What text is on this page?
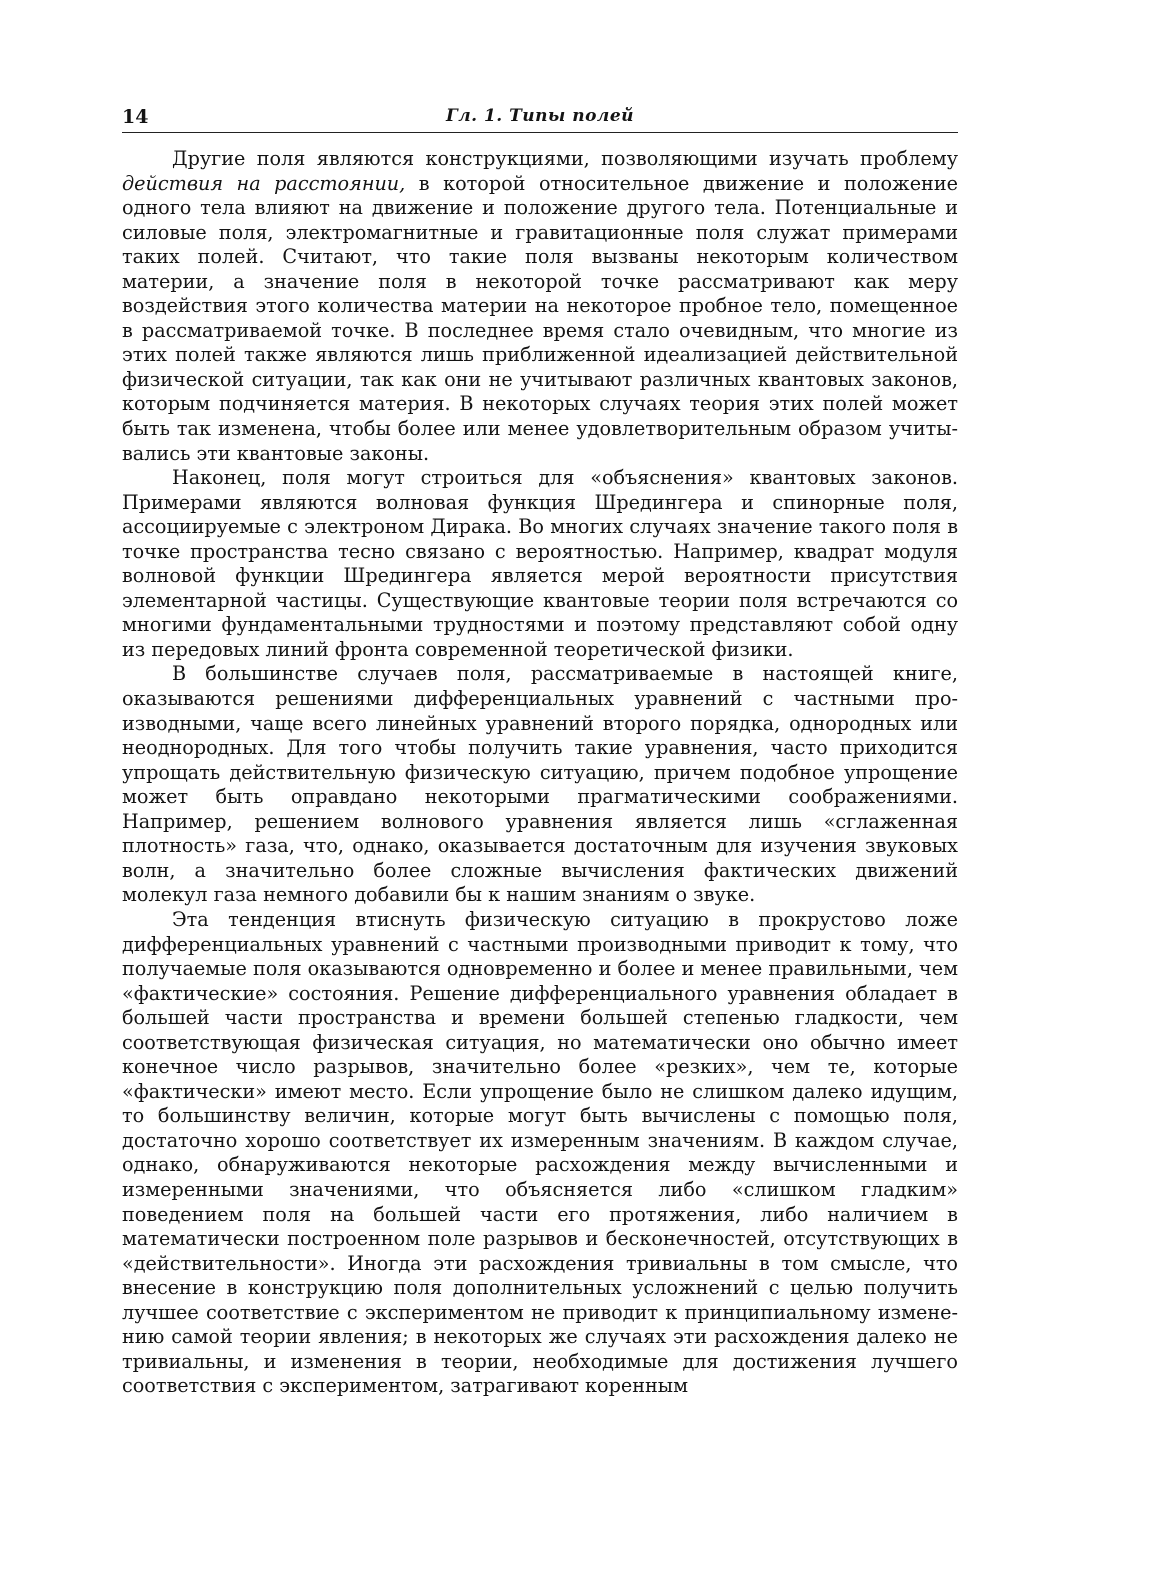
14	Гл. 1. Типы полей

Другие поля являются конструкциями, позволяющими изучать проблему действия на расстоянии, в которой относительное движение и положение одного тела влияют на движение и положение другого тела. Потенциальные и силовые поля, электромагнитные и гравитационные поля служат примерами таких полей. Считают, что такие поля вызваны некоторым количеством материи, а значение поля в некоторой точке рассматривают как меру воздействия этого количества материи на некоторое пробное тело, помещенное в рассматриваемой точке. В последнее время стало очевидным, что многие из этих полей также являются лишь приближенной идеализацией действительной физической ситуации, так как они не учитывают различных квантовых законов, которым подчиняется материя. В некоторых случаях теория этих полей может быть так изменена, чтобы более или менее удовлетворительным образом учитывались эти квантовые законы.

Наконец, поля могут строиться для «объяснения» квантовых законов. Примерами являются волновая функция Шредингера и спинорные поля, ассоциируемые с электроном Дирака. Во многих случаях значение такого поля в точке пространства тесно связано с вероятностью. Например, квадрат модуля волновой функции Шредингера является мерой вероятности присутствия элементарной частицы. Существующие квантовые теории поля встречаются со многими фундаментальными трудностями и поэтому представляют собой одну из передовых линий фронта современной теоретической физики.

В большинстве случаев поля, рассматриваемые в настоящей книге, оказываются решениями дифференциальных уравнений с частными производными, чаще всего линейных уравнений второго порядка, однородных или неоднородных. Для того чтобы получить такие уравнения, часто приходится упрощать действительную физическую ситуацию, причем подобное упрощение может быть оправдано некоторыми прагматическими соображениями. Например, решением волнового уравнения является лишь «сглаженная плотность» газа, что, однако, оказывается достаточным для изучения звуковых волн, а значительно более сложные вычисления фактических движений молекул газа немного добавили бы к нашим знаниям о звуке.

Эта тенденция втиснуть физическую ситуацию в прокрустово ложе дифференциальных уравнений с частными производными приводит к тому, что получаемые поля оказываются одновременно и более и менее правильными, чем «фактические» состояния. Решение дифференциального уравнения обладает в большей части пространства и времени большей степенью гладкости, чем соответствующая физическая ситуация, но математически оно обычно имеет конечное число разрывов, значительно более «резких», чем те, которые «фактически» имеют место. Если упрощение было не слишком далеко идущим, то большинству величин, которые могут быть вычислены с помощью поля, достаточно хорошо соответствует их измеренным значениям. В каждом случае, однако, обнаруживаются некоторые расхождения между вычисленными и измеренными значениями, что объясняется либо «слишком гладким» поведением поля на большей части его протяжения, либо наличием в математически построенном поле разрывов и бесконечностей, отсутствующих в «действительности». Иногда эти расхождения тривиальны в том смысле, что внесение в конструкцию поля дополнительных усложнений с целью получить лучшее соответствие с экспериментом не приводит к принципиальному изменению самой теории явления; в некоторых же случаях эти расхождения далеко не тривиальны, и изменения в теории, необходимые для достижения лучшего соответствия с экспериментом, затрагивают коренным
